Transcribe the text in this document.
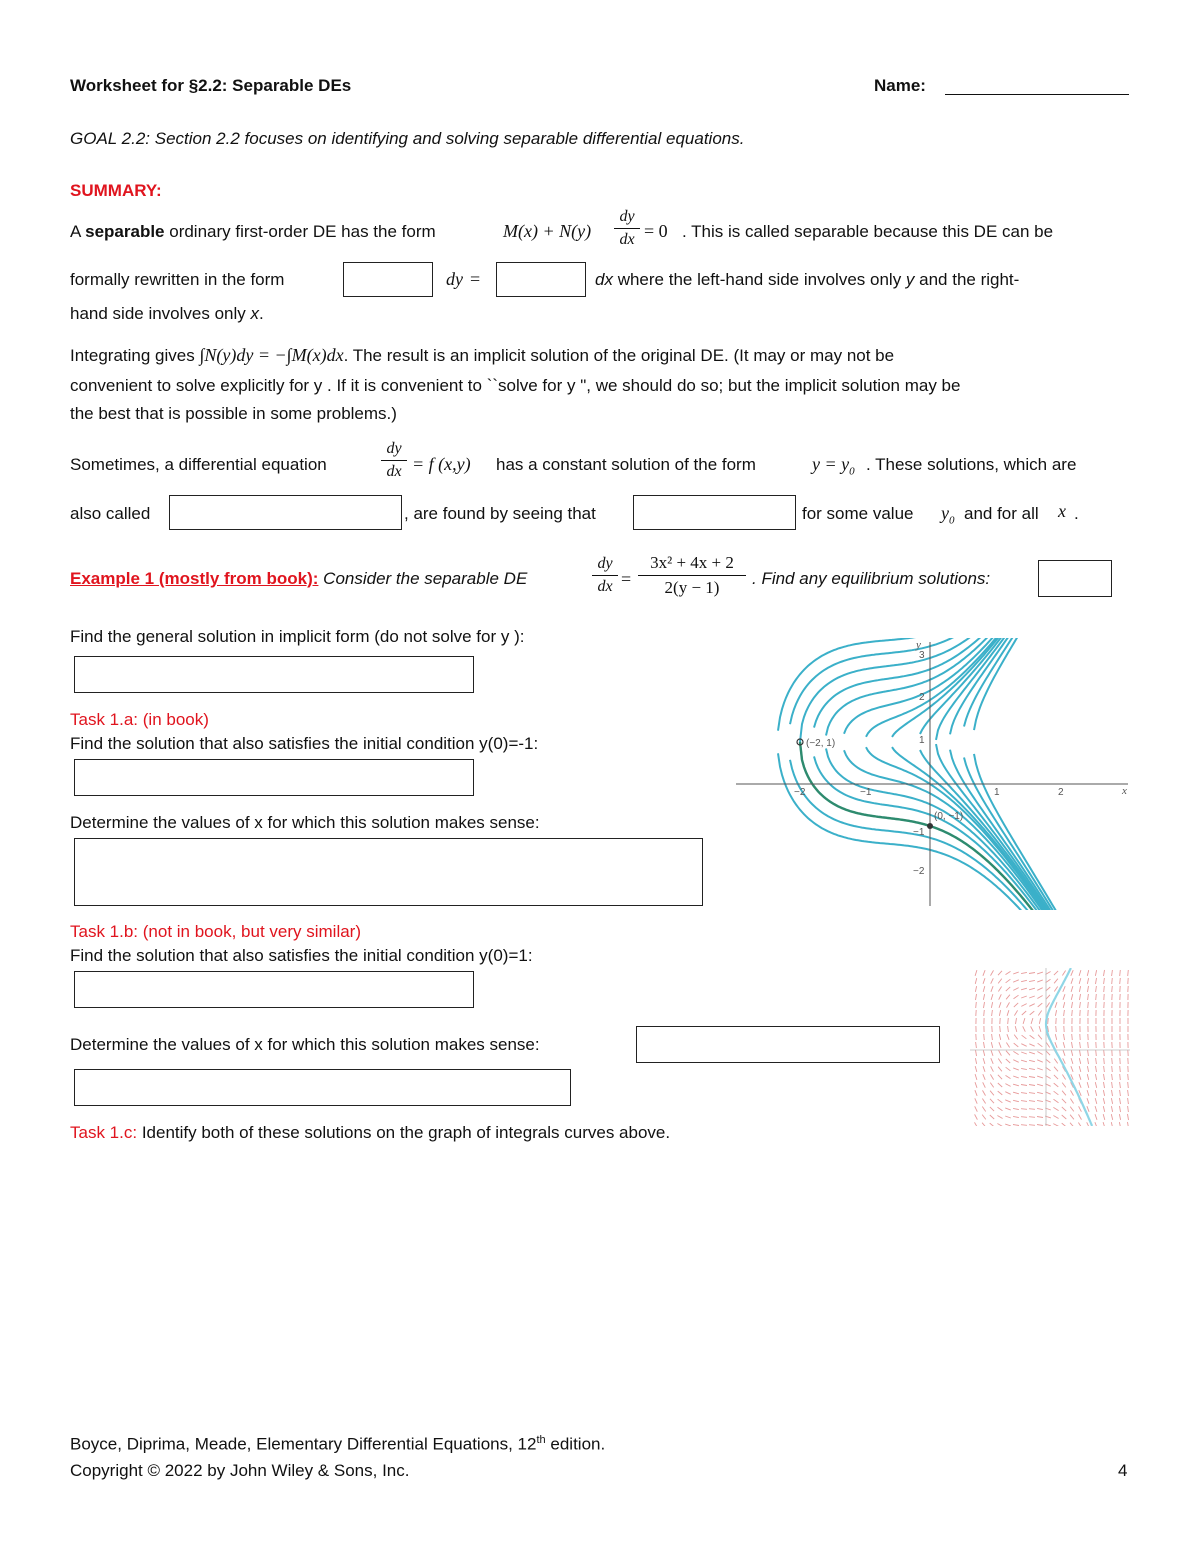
Worksheet for §2.2: Separable DEs	Name:
GOAL 2.2: Section 2.2 focuses on identifying and solving separable differential equations.
SUMMARY:
A separable ordinary first-order DE has the form	M(x) + N(y)
dy
dx = 0 . This is called separable because this DE can be
formally rewritten in the form	dy =	dx where the left-hand side involves only y and the right-
hand side involves only x.
Integrating gives ∫N(y)dy = −∫M(x)dx. The result is an implicit solution of the original DE. (It may or may not be
convenient to solve explicitly for y . If it is convenient to ``solve for y ", we should do so; but the implicit solution may be
the best that is possible in some problems.)
Sometimes, a differential equation
dy
dx = f (x,y) has a constant solution of the form	$y = y_0$ . These solutions, which are
also called	, are found by seeing that	for some value $y_0$ and for all x .
Example 1 (mostly from book): Consider the separable DE
dy
dx =
3x² + 4x + 2
2(y − 1)	. Find any equilibrium solutions:
Find the general solution in implicit form (do not solve for y ):
Task 1.a: (in book)
Find the solution that also satisfies the initial condition y(0)=-1:
Determine the values of x for which this solution makes sense:
Task 1.b: (not in book, but very similar)
Find the solution that also satisfies the initial condition y(0)=1:
Determine the values of x for which this solution makes sense:
Task 1.c: Identify both of these solutions on the graph of integrals curves above.
x
y
−2	−1	1	2
3
2
1
−1
−2
(−2, 1)
(0, −1)
Boyce, Diprima, Meade, Elementary Differential Equations, 12th edition.
Copyright © 2022 by John Wiley & Sons, Inc.	4
